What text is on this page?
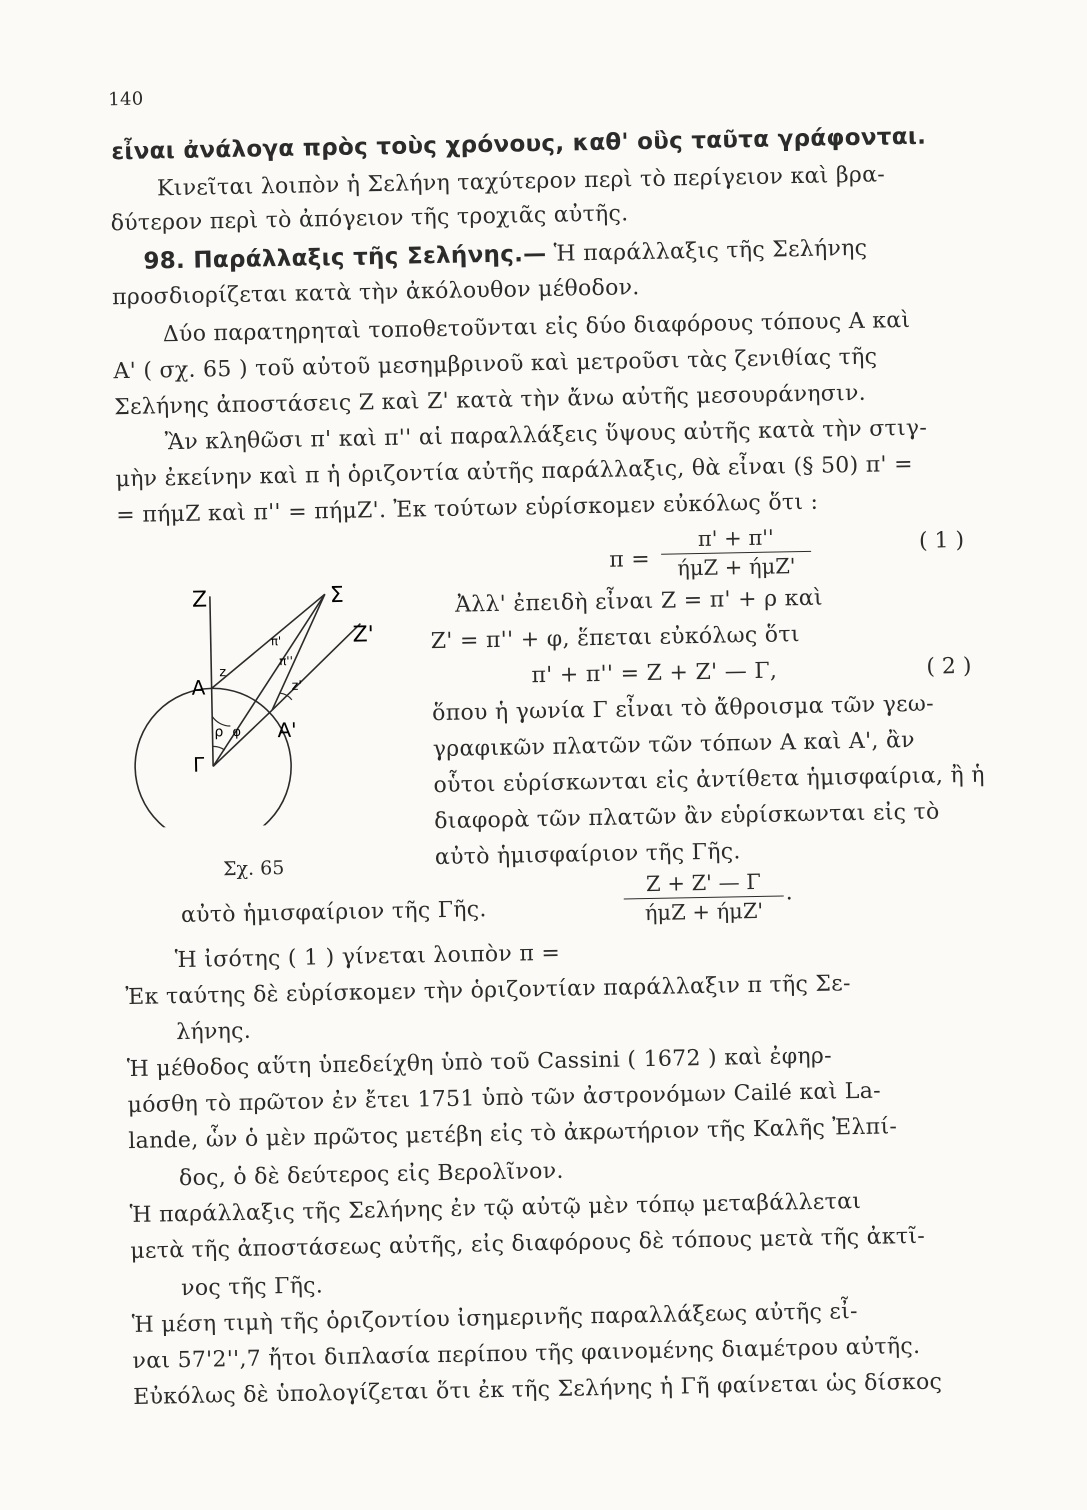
140
εἶναι ἀνάλογα πρὸς τοὺς χρόνους, καθ' οὓς ταῦτα γράφονται.
Κινεῖται λοιπὸν ἡ Σελήνη ταχύτερον περὶ τὸ περίγειον καὶ βρα-
δύτερον περὶ τὸ ἀπόγειον τῆς τροχιᾶς αὐτῆς.
98. Παράλλαξις τῆς Σελήνης.— Ἡ παράλλαξις τῆς Σελήνης
προσδιορίζεται κατὰ τὴν ἀκόλουθον μέθοδον.
Δύο παρατηρηταὶ τοποθετοῦνται εἰς δύο διαφόρους τόπους Α καὶ
Α' ( σχ. 65 ) τοῦ αὐτοῦ μεσημβρινοῦ καὶ μετροῦσι τὰς ζενιθίας τῆς
Σελήνης ἀποστάσεις Ζ καὶ Ζ' κατὰ τὴν ἄνω αὐτῆς μεσουράνησιν.
Ἂν κληθῶσι π' καὶ π'' αἱ παραλλάξεις ὕψους αὐτῆς κατὰ τὴν στιγ-
μὴν ἐκείνην καὶ π ἡ ὁριζοντία αὐτῆς παράλλαξις, θὰ εἶναι (§ 50) π' =
= πήμΖ καὶ π'' = πήμΖ'. Ἐκ τούτων εὑρίσκομεν εὐκόλως ὅτι :
π =
π' + π''
ήμΖ + ήμΖ'
( 1 )
Ἀλλ' ἐπειδὴ εἶναι Ζ = π' + ρ καὶ
Ζ' = π'' + φ, ἕπεται εὐκόλως ὅτι
π' + π'' = Ζ + Ζ' — Γ,	( 2 )
ὅπου ἡ γωνία Γ εἶναι τὸ ἄθροισμα τῶν γεω-
γραφικῶν πλατῶν τῶν τόπων Α καὶ Α', ἂν
οὗτοι εὑρίσκωνται εἰς ἀντίθετα ἡμισφαίρια, ἢ ἡ
διαφορὰ τῶν πλατῶν ἂν εὑρίσκωνται εἰς τὸ
αὐτὸ ἡμισφαίριον τῆς Γῆς.
Ζ	Σ
Ζ'
Α
Α'
Γ
z
z'
π'
π''
ρ φ
Σχ. 65
αὐτὸ ἡμισφαίριον τῆς Γῆς.
Ζ + Ζ' — Γ
ήμΖ + ήμΖ'
.
Ἡ ἰσότης ( 1 ) γίνεται λοιπὸν π =
Ἐκ ταύτης δὲ εὑρίσκομεν τὴν ὁριζοντίαν παράλλαξιν π τῆς Σε-
λήνης.
Ἡ μέθοδος αὕτη ὑπεδείχθη ὑπὸ τοῦ Cassini ( 1672 ) καὶ ἐφηρ-
μόσθη τὸ πρῶτον ἐν ἔτει 1751 ὑπὸ τῶν ἀστρονόμων Cailé καὶ La-
lande, ὧν ὁ μὲν πρῶτος μετέβη εἰς τὸ ἀκρωτήριον τῆς Καλῆς Ἐλπί-
δος, ὁ δὲ δεύτερος εἰς Βερολῖνον.
Ἡ παράλλαξις τῆς Σελήνης ἐν τῷ αὐτῷ μὲν τόπῳ μεταβάλλεται
μετὰ τῆς ἀποστάσεως αὐτῆς, εἰς διαφόρους δὲ τόπους μετὰ τῆς ἀκτῖ-
νος τῆς Γῆς.
Ἡ μέση τιμὴ τῆς ὁριζοντίου ἰσημερινῆς παραλλάξεως αὐτῆς εἶ-
ναι 57'2'',7 ἤτοι διπλασία περίπου τῆς φαινομένης διαμέτρου αὐτῆς.
Εὐκόλως δὲ ὑπολογίζεται ὅτι ἐκ τῆς Σελήνης ἡ Γῆ φαίνεται ὡς δίσκος
